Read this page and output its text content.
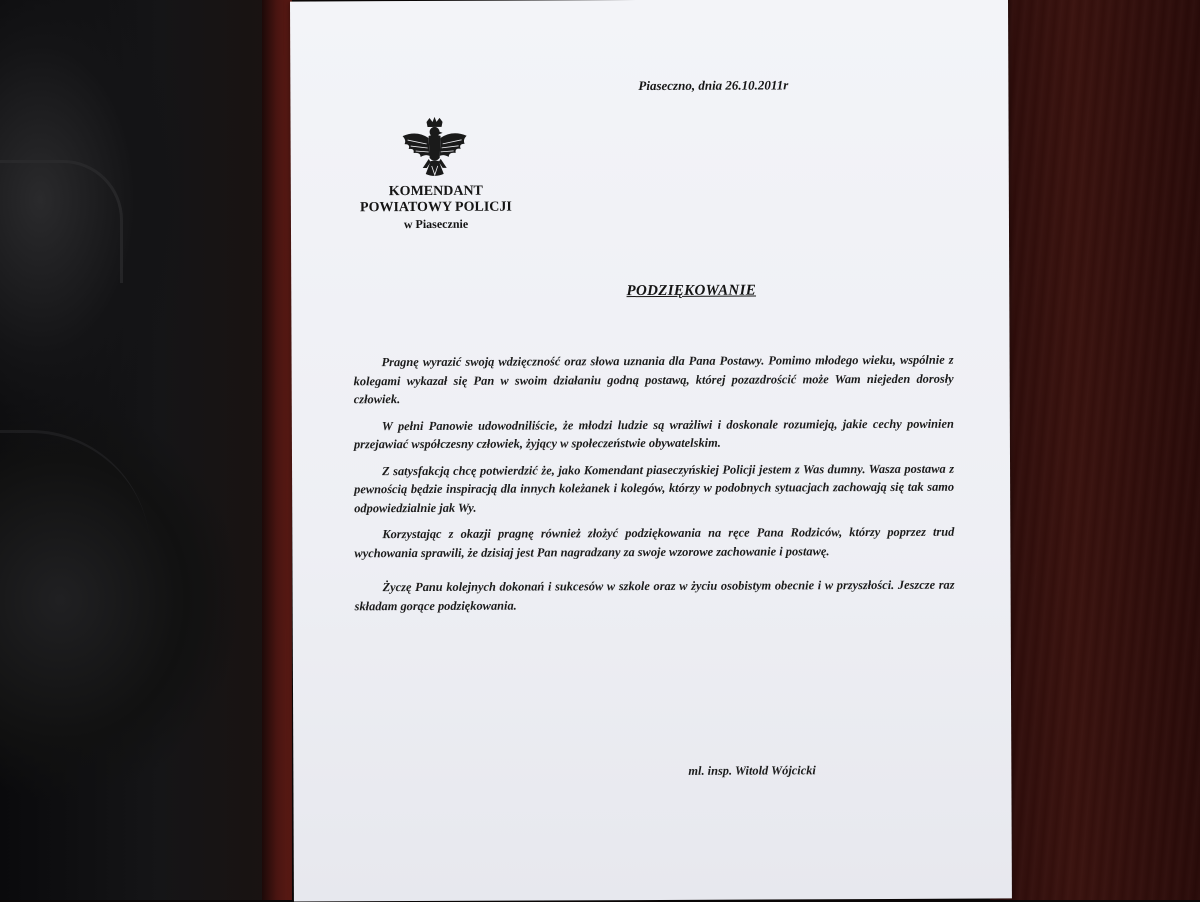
Piaseczno, dnia 26.10.2011r
KOMENDANT
POWIATOWY POLICJI
w Piasecznie
PODZIĘKOWANIE

Pragnę wyrazić swoją wdzięczność oraz słowa uznania dla Pana Postawy. Pomimo młodego wieku, wspólnie z kolegami wykazał się Pan w swoim działaniu godną postawą, której pozazdrościć może Wam niejeden dorosły człowiek.

W pełni Panowie udowodniliście, że młodzi ludzie są wrażliwi i doskonale rozumieją, jakie cechy powinien przejawiać współczesny człowiek, żyjący w społeczeństwie obywatelskim.

Z satysfakcją chcę potwierdzić że, jako Komendant piaseczyńskiej Policji jestem z Was dumny. Wasza postawa z pewnością będzie inspiracją dla innych koleżanek i kolegów, którzy w podobnych sytuacjach zachowają się tak samo odpowiedzialnie jak Wy.

Korzystając z okazji pragnę również złożyć podziękowania na ręce Pana Rodziców, którzy poprzez trud wychowania sprawili, że dzisiaj jest Pan nagradzany za swoje wzorowe zachowanie i postawę.

Życzę Panu kolejnych dokonań i sukcesów w szkole oraz w życiu osobistym obecnie i w przyszłości. Jeszcze raz składam gorące podziękowania.

ml. insp. Witold Wójcicki
